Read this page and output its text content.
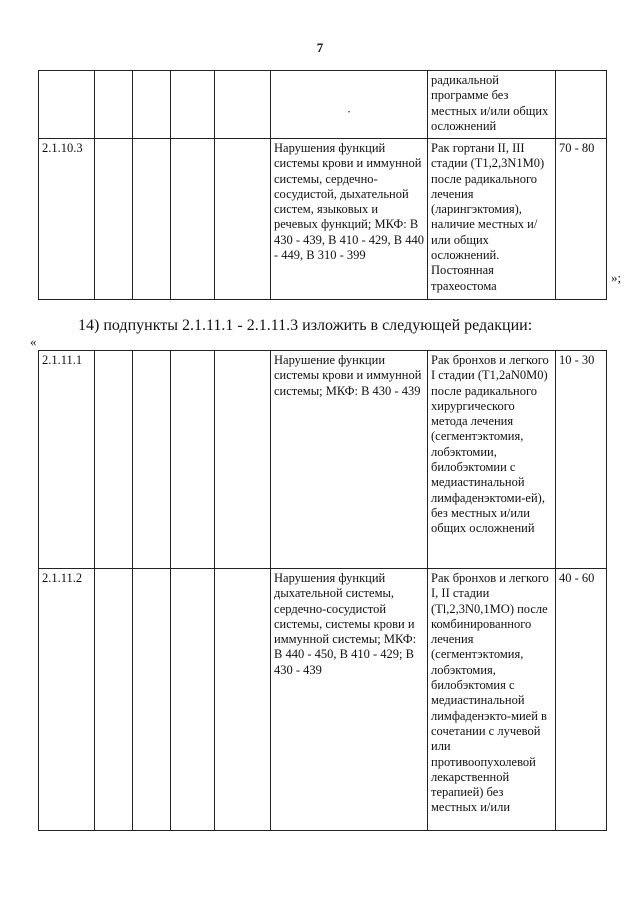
7
					·	радикальной программе без местных и/или общих осложнений	
2.1.10.3					Нарушения функций системы крови и иммунной системы, сердечно-сосудистой, дыхательной систем, языковых и речевых функций; МКФ: В 430 - 439, В 410 - 429, В 440 - 449, В 310 - 399	Рак гортани II, III стадии (T1,2,3N1M0) после радикального лечения (ларингэктомия), наличие местных и/или общих осложнений. Постоянная трахеостома	70 - 80
»;
14) подпункты 2.1.11.1 - 2.1.11.3 изложить в следующей редакции:
«
2.1.11.1					Нарушение функции системы крови и иммунной системы; МКФ: В 430 - 439	Рак бронхов и легкого I стадии (T1,2aN0M0) после радикального хирургического метода лечения (сегментэктомия, лобэктомии, билобэктомии с медиастинальной лимфаденэктоми-ей), без местных и/или общих осложнений	10 - 30
2.1.11.2					Нарушения функций дыхательной системы, сердечно-сосудистой системы, системы крови и иммунной системы; МКФ: В 440 - 450, В 410 - 429; В 430 - 439	Рак бронхов и легкого I, II стадии (Tl,2,3N0,1MO) после комбинированного лечения (сегментэктомия, лобэктомия, билобэктомия с медиастинальной лимфаденэкто-мией в сочетании с лучевой или противоопухолевой лекарственной терапией) без местных и/или	40 - 60
